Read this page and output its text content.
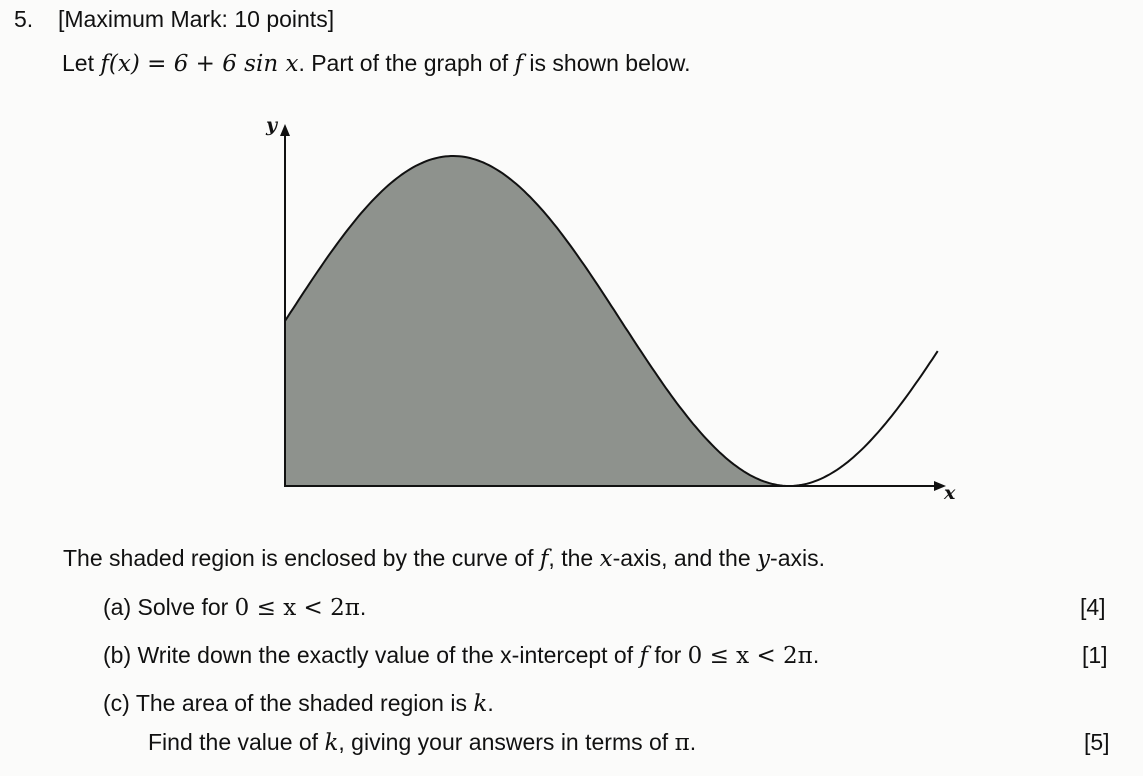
5. [Maximum Mark: 10 points]
Let f(x) = 6 + 6 sin x. Part of the graph of f is shown below.
y
x
The shaded region is enclosed by the curve of f, the x-axis, and the y-axis.
(a) Solve for 0 ≤ x < 2π.	[4]
(b) Write down the exactly value of the x-intercept of f for 0 ≤ x < 2π.	[1]
(c) The area of the shaded region is k.
Find the value of k, giving your answers in terms of π.	[5]
